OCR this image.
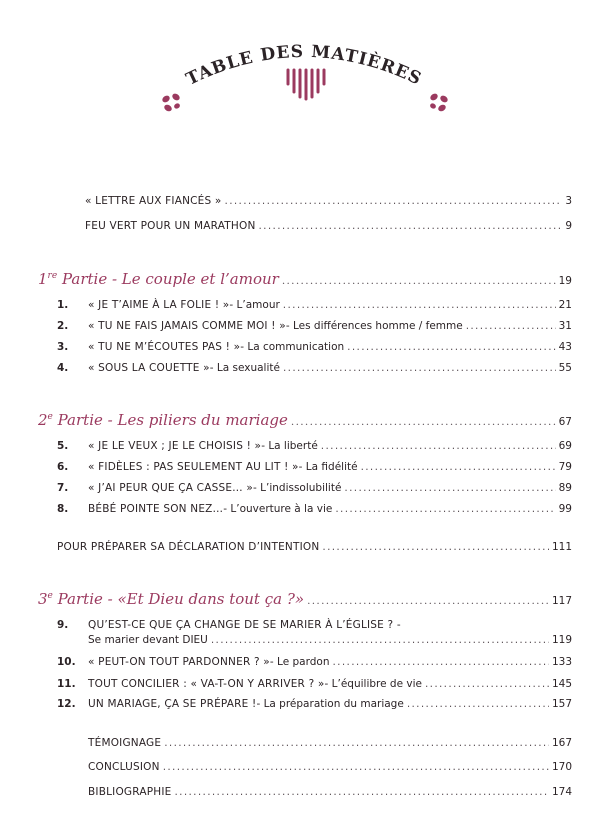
TABLE DES MATIÈRES
« LETTRE AUX FIANCÉS » . . .	3
FEU VERT POUR UN MARATHON . . .	9
1re Partie - Le couple et l’amour . . .	19
1.	« JE T’AIME À LA FOLIE ! » - L’amour . . .	21
2.	« TU NE FAIS JAMAIS COMME MOI ! » - Les différences homme / femme . . .	31
3.	« TU NE M’ÉCOUTES PAS ! » - La communication . . .	43
4.	« SOUS LA COUETTE » - La sexualité . . .	55
2e Partie - Les piliers du mariage . . .	67
5.	« JE LE VEUX ; JE LE CHOISIS ! » - La liberté . . .	69
6.	« FIDÈLES : PAS SEULEMENT AU LIT ! » - La fidélité . . .	79
7.	« J’AI PEUR QUE ÇA CASSE… » - L’indissolubilité . . .	89
8.	BÉBÉ POINTE SON NEZ… - L’ouverture à la vie . . .	99
POUR PRÉPARER SA DÉCLARATION D’INTENTION . . .	111
3e Partie - «Et Dieu dans tout ça ?» . . .	117
9.	QU’EST-CE QUE ÇA CHANGE DE SE MARIER À L’ÉGLISE ? -
Se marier devant DIEU . . .	119
10.	« PEUT-ON TOUT PARDONNER ? » - Le pardon . . .	133
11.	TOUT CONCILIER : « VA-T-ON Y ARRIVER ? » - L’équilibre de vie . . .	145
12.	UN MARIAGE, ÇA SE PRÉPARE ! - La préparation du mariage . . .	157
TÉMOIGNAGE . . .	167
CONCLUSION . . .	170
BIBLIOGRAPHIE . . .	174
